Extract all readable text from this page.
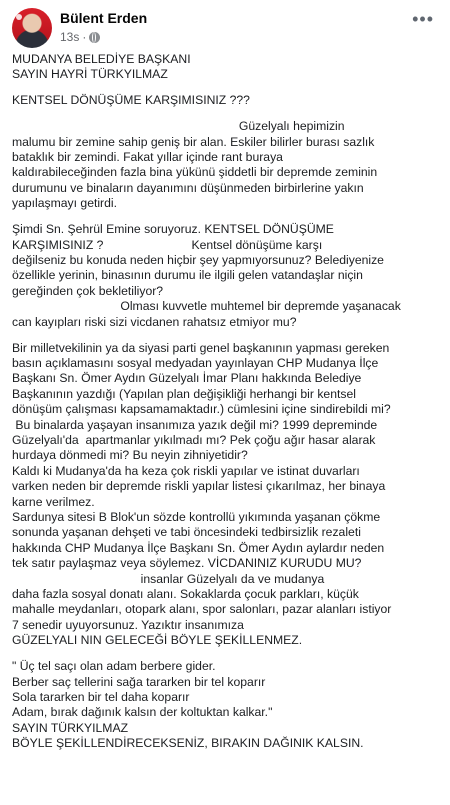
Bülent Erden
13s ·
•••

MUDANYA BELEDİYE BAŞKANI

SAYIN HAYRİ TÜRKYILMAZ

KENTSEL DÖNÜŞÜME KARŞIMISINIZ ???

Güzelyalı hepimizin

malumu bir zemine sahip geniş bir alan. Eskiler bilirler burası sazlık

bataklık bir zemindi. Fakat yıllar içinde rant buraya

kaldırabileceğinden fazla bina yükünü şiddetli bir depremde zeminin

durumunu ve binaların dayanımını düşünmeden birbirlerine yakın

yapılaşmayı getirdi.

Şimdi Sn. Şehrül Emine soruyoruz. KENTSEL DÖNÜŞÜME

KARŞIMISINIZ ?                          Kentsel dönüşüme karşı

değilseniz bu konuda neden hiçbir şey yapmıyorsunuz? Belediyenize

özellikle yerinin, binasının durumu ile ilgili gelen vatandaşlar niçin

gereğinden çok bekletiliyor?

Olması kuvvetle muhtemel bir depremde yaşanacak

can kayıpları riski sizi vicdanen rahatsız etmiyor mu?

Bir milletvekilinin ya da siyasi parti genel başkanının yapması gereken

basın açıklamasını sosyal medyadan yayınlayan CHP Mudanya İlçe

Başkanı Sn. Ömer Aydın Güzelyalı İmar Planı hakkında Belediye

Başkanının yazdığı (Yapılan plan değişikliği herhangi bir kentsel

dönüşüm çalışması kapsamamaktadır.) cümlesini içine sindirebildi mi?

Bu binalarda yaşayan insanımıza yazık değil mi? 1999 depreminde

Güzelyalı'da  apartmanlar yıkılmadı mı? Pek çoğu ağır hasar alarak

hurdaya dönmedi mi? Bu neyin zihniyetidir?

Kaldı ki Mudanya'da ha keza çok riskli yapılar ve istinat duvarları

varken neden bir depremde riskli yapılar listesi çıkarılmaz, her binaya

karne verilmez.

Sardunya sitesi B Blok'un sözde kontrollü yıkımında yaşanan çökme

sonunda yaşanan dehşeti ve tabi öncesindeki tedbirsizlik rezaleti

hakkında CHP Mudanya İlçe Başkanı Sn. Ömer Aydın aylardır neden

tek satır paylaşmaz veya söylemez. VİCDANINIZ KURUDU MU?

insanlar Güzelyalı da ve mudanya

daha fazla sosyal donatı alanı. Sokaklarda çocuk parkları, küçük

mahalle meydanları, otopark alanı, spor salonları, pazar alanları istiyor

7 senedir uyuyorsunuz. Yazıktır insanımıza

GÜZELYALI NIN GELECEĞİ BÖYLE ŞEKİLLENMEZ.

" Üç tel saçı olan adam berbere gider.

Berber saç tellerini sağa tararken bir tel koparır

Sola tararken bir tel daha koparır

Adam, bırak dağınık kalsın der koltuktan kalkar."

SAYIN TÜRKYILMAZ

BÖYLE ŞEKİLLENDİRECEKSENİZ, BIRAKIN DAĞINIK KALSIN.
